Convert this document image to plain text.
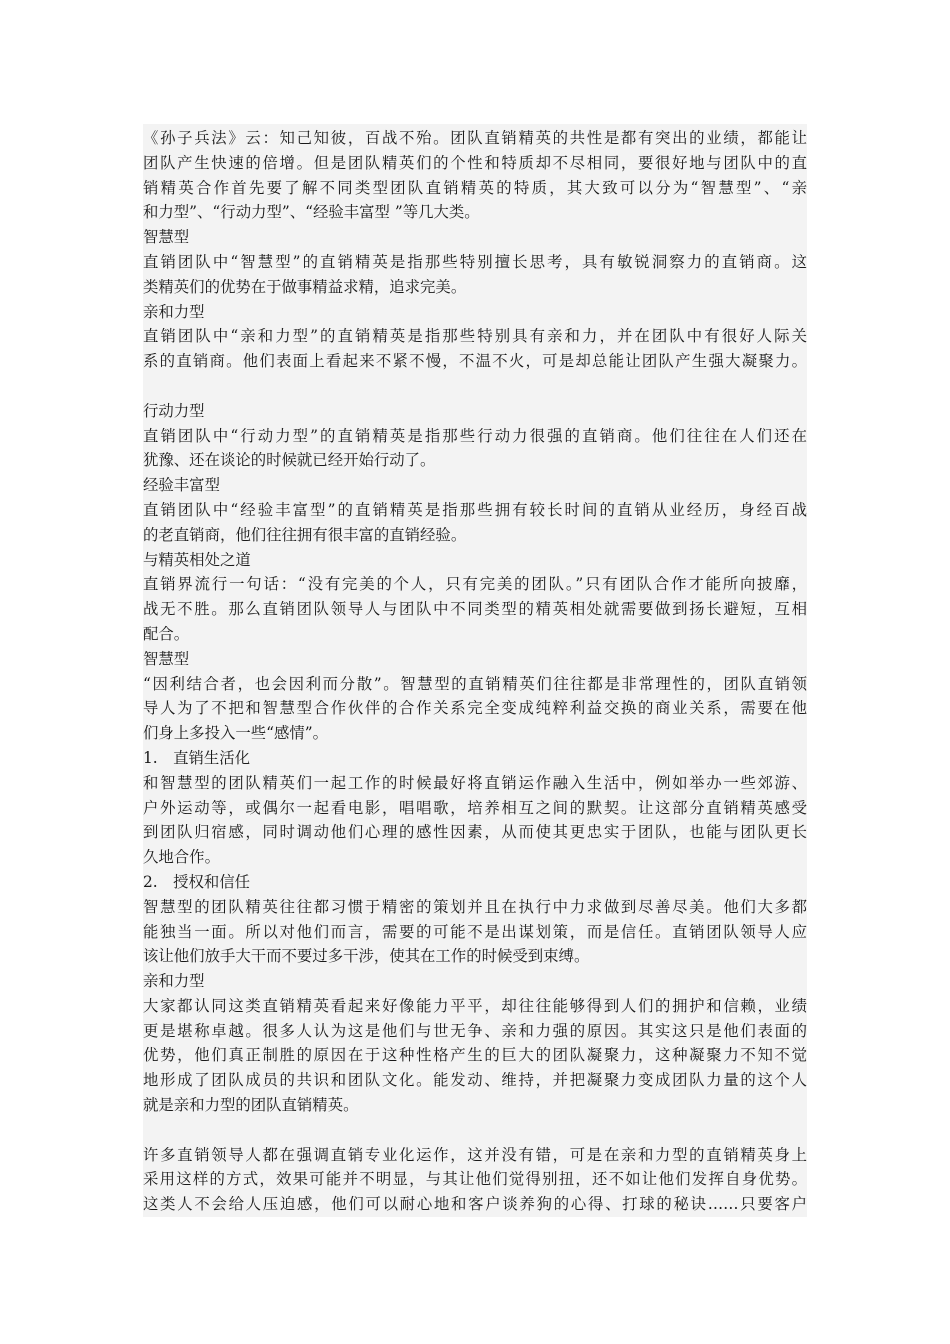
《孙子兵法》云：知己知彼，百战不殆。团队直销精英的共性是都有突出的业绩，都能让
团队产生快速的倍增。但是团队精英们的个性和特质却不尽相同，要很好地与团队中的直
销精英合作首先要了解不同类型团队直销精英的特质，其大致可以分为“智慧型”、“亲
和力型”、“行动力型”、“经验丰富型 ”等几大类。
智慧型
直销团队中“智慧型”的直销精英是指那些特别擅长思考，具有敏锐洞察力的直销商。这
类精英们的优势在于做事精益求精，追求完美。
亲和力型
直销团队中“亲和力型”的直销精英是指那些特别具有亲和力，并在团队中有很好人际关
系的直销商。他们表面上看起来不紧不慢，不温不火，可是却总能让团队产生强大凝聚力。
行动力型
直销团队中“行动力型”的直销精英是指那些行动力很强的直销商。他们往往在人们还在
犹豫、还在谈论的时候就已经开始行动了。
经验丰富型
直销团队中“经验丰富型”的直销精英是指那些拥有较长时间的直销从业经历，身经百战
的老直销商，他们往往拥有很丰富的直销经验。
与精英相处之道
直销界流行一句话：“没有完美的个人，只有完美的团队。”只有团队合作才能所向披靡，
战无不胜。那么直销团队领导人与团队中不同类型的精英相处就需要做到扬长避短，互相
配合。
智慧型
“因利结合者，也会因利而分散”。智慧型的直销精英们往往都是非常理性的，团队直销领
导人为了不把和智慧型合作伙伴的合作关系完全变成纯粹利益交换的商业关系，需要在他
们身上多投入一些“感情”。
1.　直销生活化
和智慧型的团队精英们一起工作的时候最好将直销运作融入生活中，例如举办一些郊游、
户外运动等，或偶尔一起看电影，唱唱歌，培养相互之间的默契。让这部分直销精英感受
到团队归宿感，同时调动他们心理的感性因素，从而使其更忠实于团队，也能与团队更长
久地合作。
2.　授权和信任
智慧型的团队精英往往都习惯于精密的策划并且在执行中力求做到尽善尽美。他们大多都
能独当一面。所以对他们而言，需要的可能不是出谋划策，而是信任。直销团队领导人应
该让他们放手大干而不要过多干涉，使其在工作的时候受到束缚。
亲和力型
大家都认同这类直销精英看起来好像能力平平，却往往能够得到人们的拥护和信赖，业绩
更是堪称卓越。很多人认为这是他们与世无争、亲和力强的原因。其实这只是他们表面的
优势，他们真正制胜的原因在于这种性格产生的巨大的团队凝聚力，这种凝聚力不知不觉
地形成了团队成员的共识和团队文化。能发动、维持，并把凝聚力变成团队力量的这个人
就是亲和力型的团队直销精英。
许多直销领导人都在强调直销专业化运作，这并没有错，可是在亲和力型的直销精英身上
采用这样的方式，效果可能并不明显，与其让他们觉得别扭，还不如让他们发挥自身优势。
这类人不会给人压迫感，他们可以耐心地和客户谈养狗的心得、打球的秘诀……只要客户
